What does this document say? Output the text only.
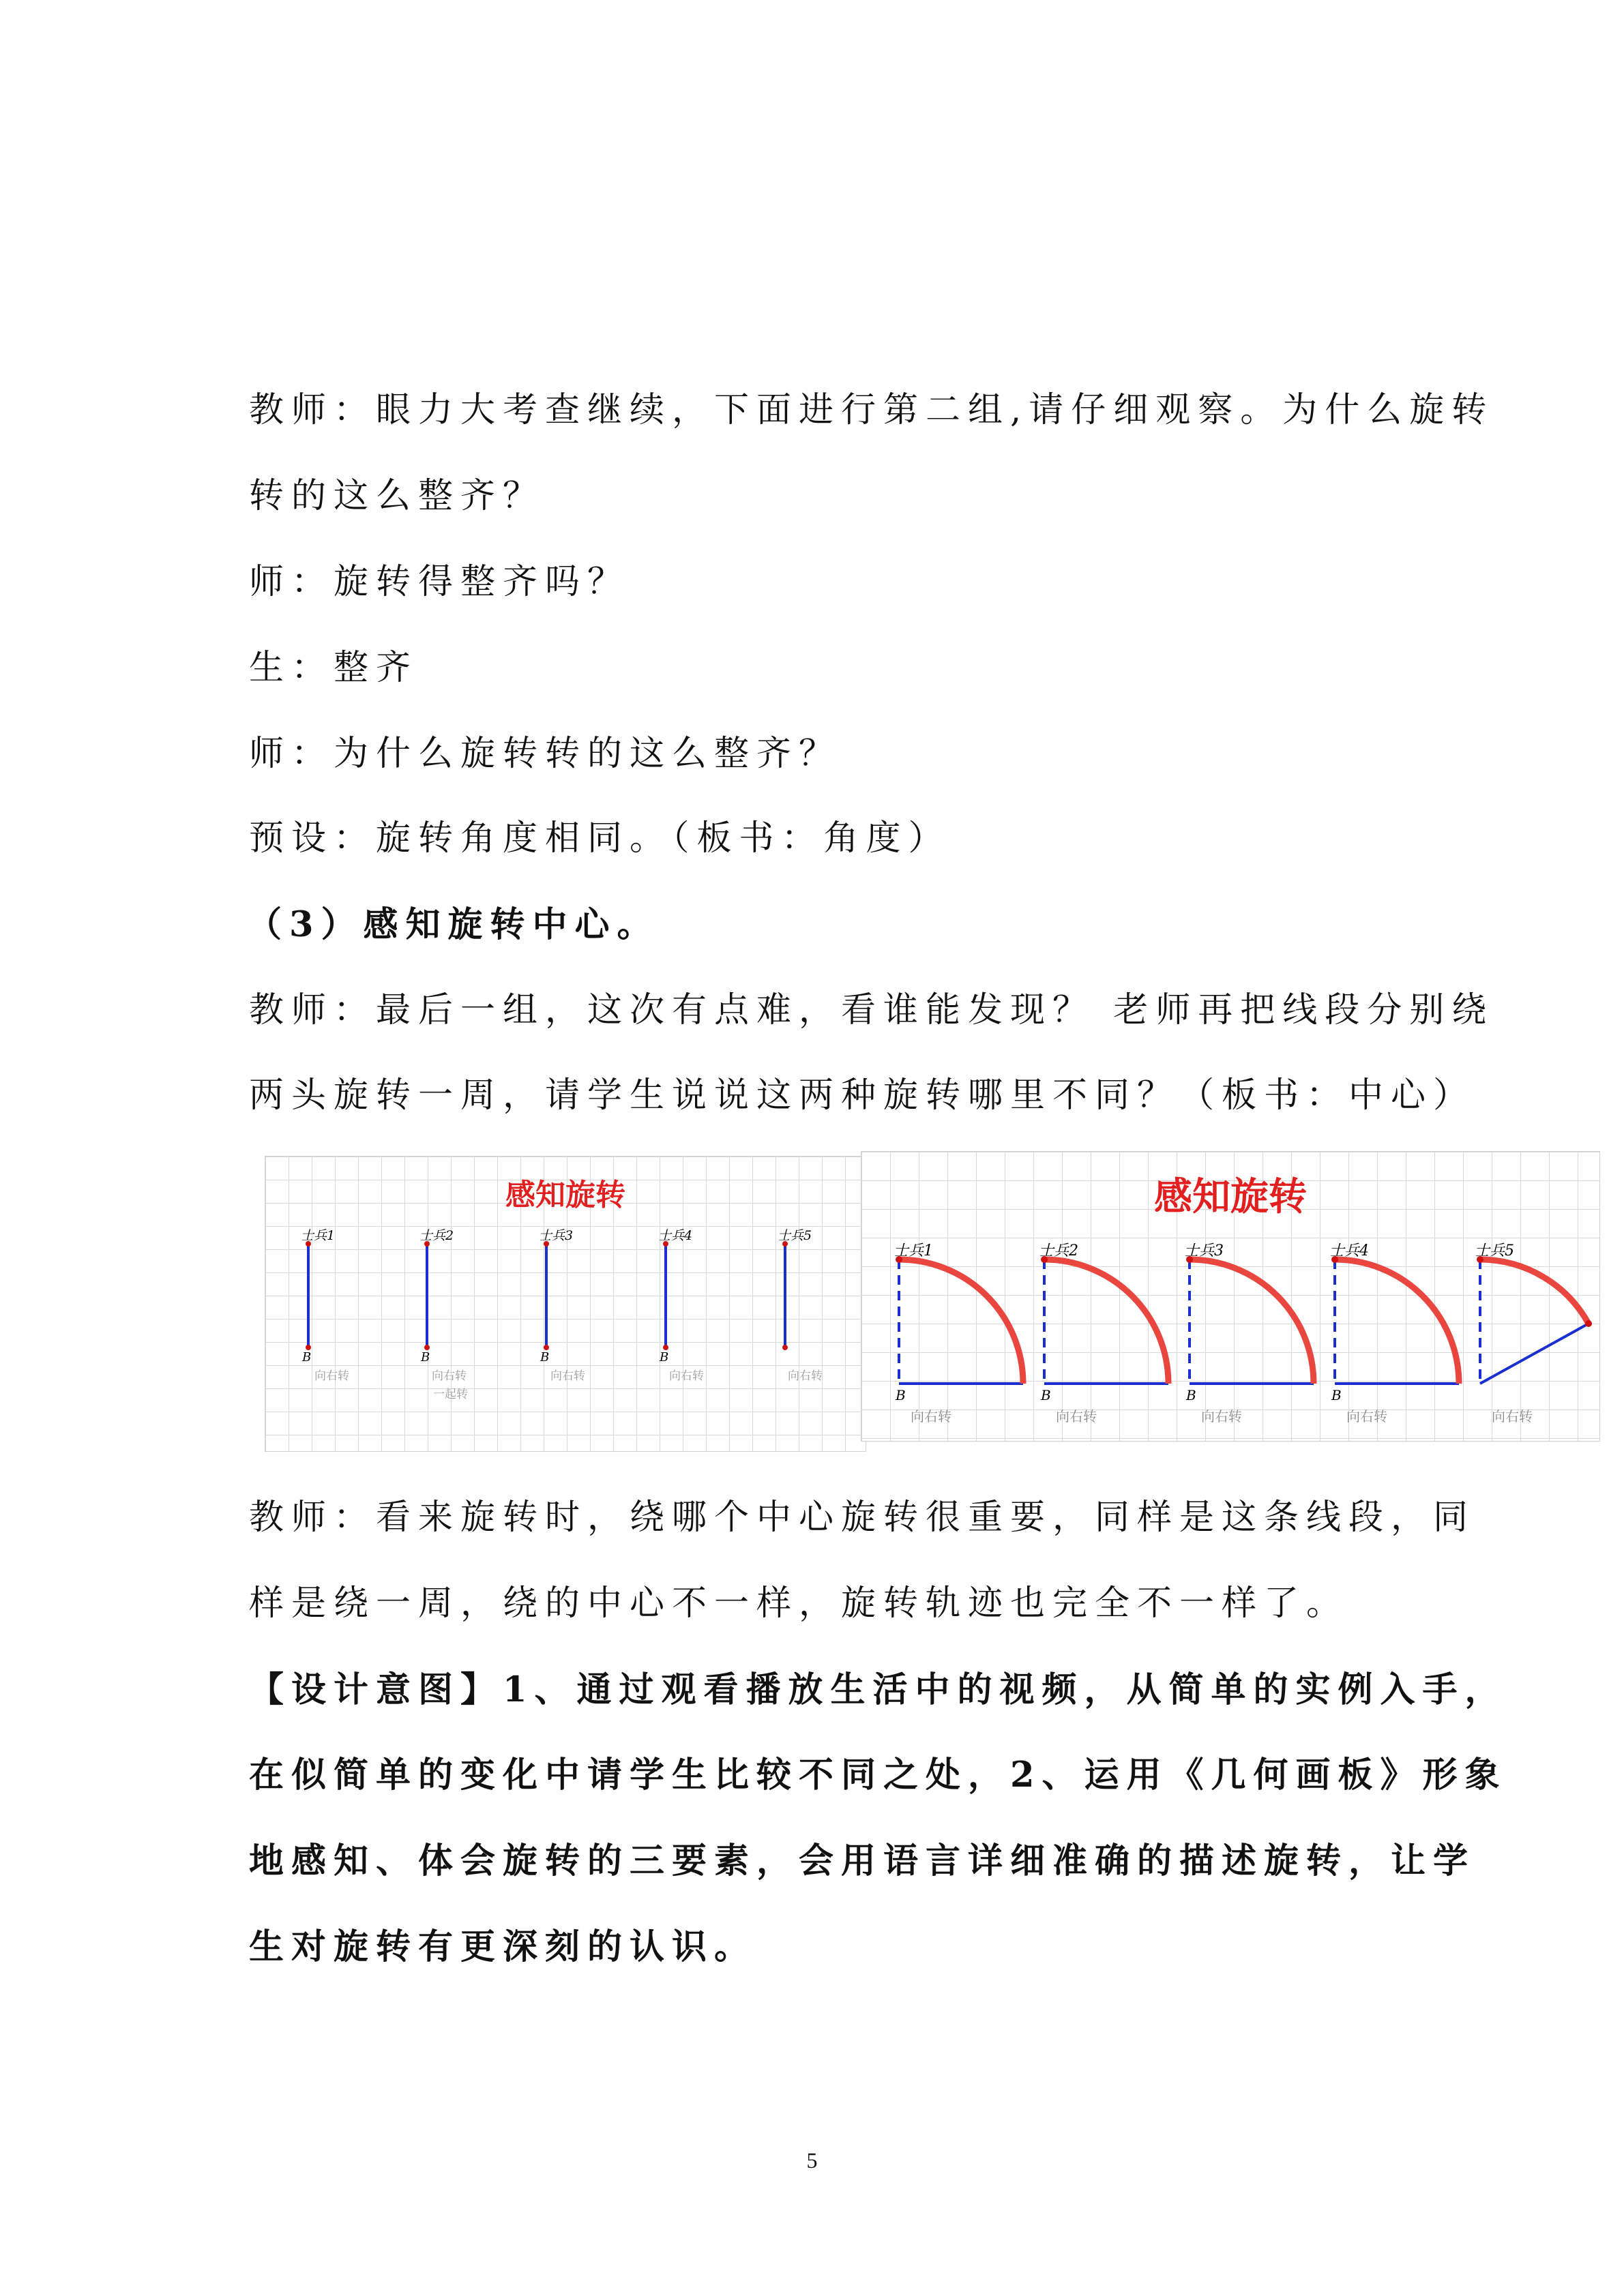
教师：眼力大考查继续，下面进行第二组,请仔细观察。为什么旋转
转的这么整齐？
师：旋转得整齐吗？
生：整齐
师：为什么旋转转的这么整齐？
预设：旋转角度相同。（板书：角度）
（3）感知旋转中心。
教师：最后一组，这次有点难，看谁能发现？ 老师再把线段分别绕
两头旋转一周，请学生说说这两种旋转哪里不同？（板书：中心）
感知旋转
士兵1
B
向右转
士兵2
B
向右转
一起转
士兵3
B
向右转
士兵4
B
向右转
士兵5
向右转
感知旋转
士兵1
B
向右转
士兵2
B
向右转
士兵3
B
向右转
士兵4
B
向右转
士兵5
向右转
教师：看来旋转时，绕哪个中心旋转很重要，同样是这条线段，同
样是绕一周，绕的中心不一样，旋转轨迹也完全不一样了。
【设计意图】1、通过观看播放生活中的视频，从简单的实例入手，
在似简单的变化中请学生比较不同之处，2、运用《几何画板》形象
地感知、体会旋转的三要素，会用语言详细准确的描述旋转，让学
生对旋转有更深刻的认识。
5
